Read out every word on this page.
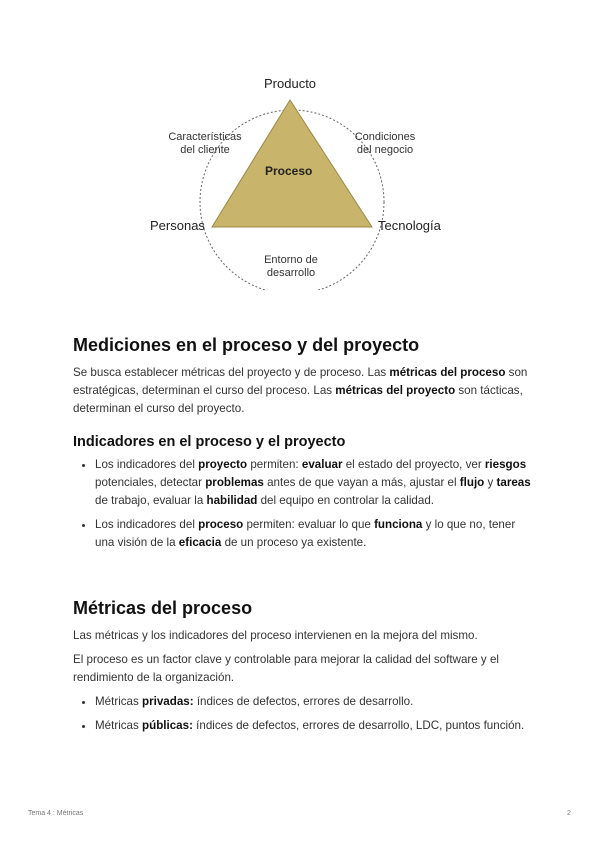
Producto
Personas	Tecnología
Proceso
Características
del cliente
Condiciones
del negocio
Entorno de
desarrollo
Mediciones en el proceso y del proyecto

Se busca establecer métricas del proyecto y de proceso. Las métricas del proceso son estratégicas, determinan el curso del proceso. Las métricas del proyecto son tácticas, determinan el curso del proyecto.

Indicadores en el proceso y el proyecto
• Los indicadores del proyecto permiten: evaluar el estado del proyecto, ver riesgos potenciales, detectar problemas antes de que vayan a más, ajustar el flujo y tareas de trabajo, evaluar la habilidad del equipo en controlar la calidad.
• Los indicadores del proceso permiten: evaluar lo que funciona y lo que no, tener una visión de la eficacia de un proceso ya existente.
Métricas del proceso

Las métricas y los indicadores del proceso intervienen en la mejora del mismo.

El proceso es un factor clave y controlable para mejorar la calidad del software y el rendimiento de la organización.

• Métricas privadas: índices de defectos, errores de desarrollo.
• Métricas públicas: índices de defectos, errores de desarrollo, LDC, puntos función.
Tema 4 : Métricas	2
